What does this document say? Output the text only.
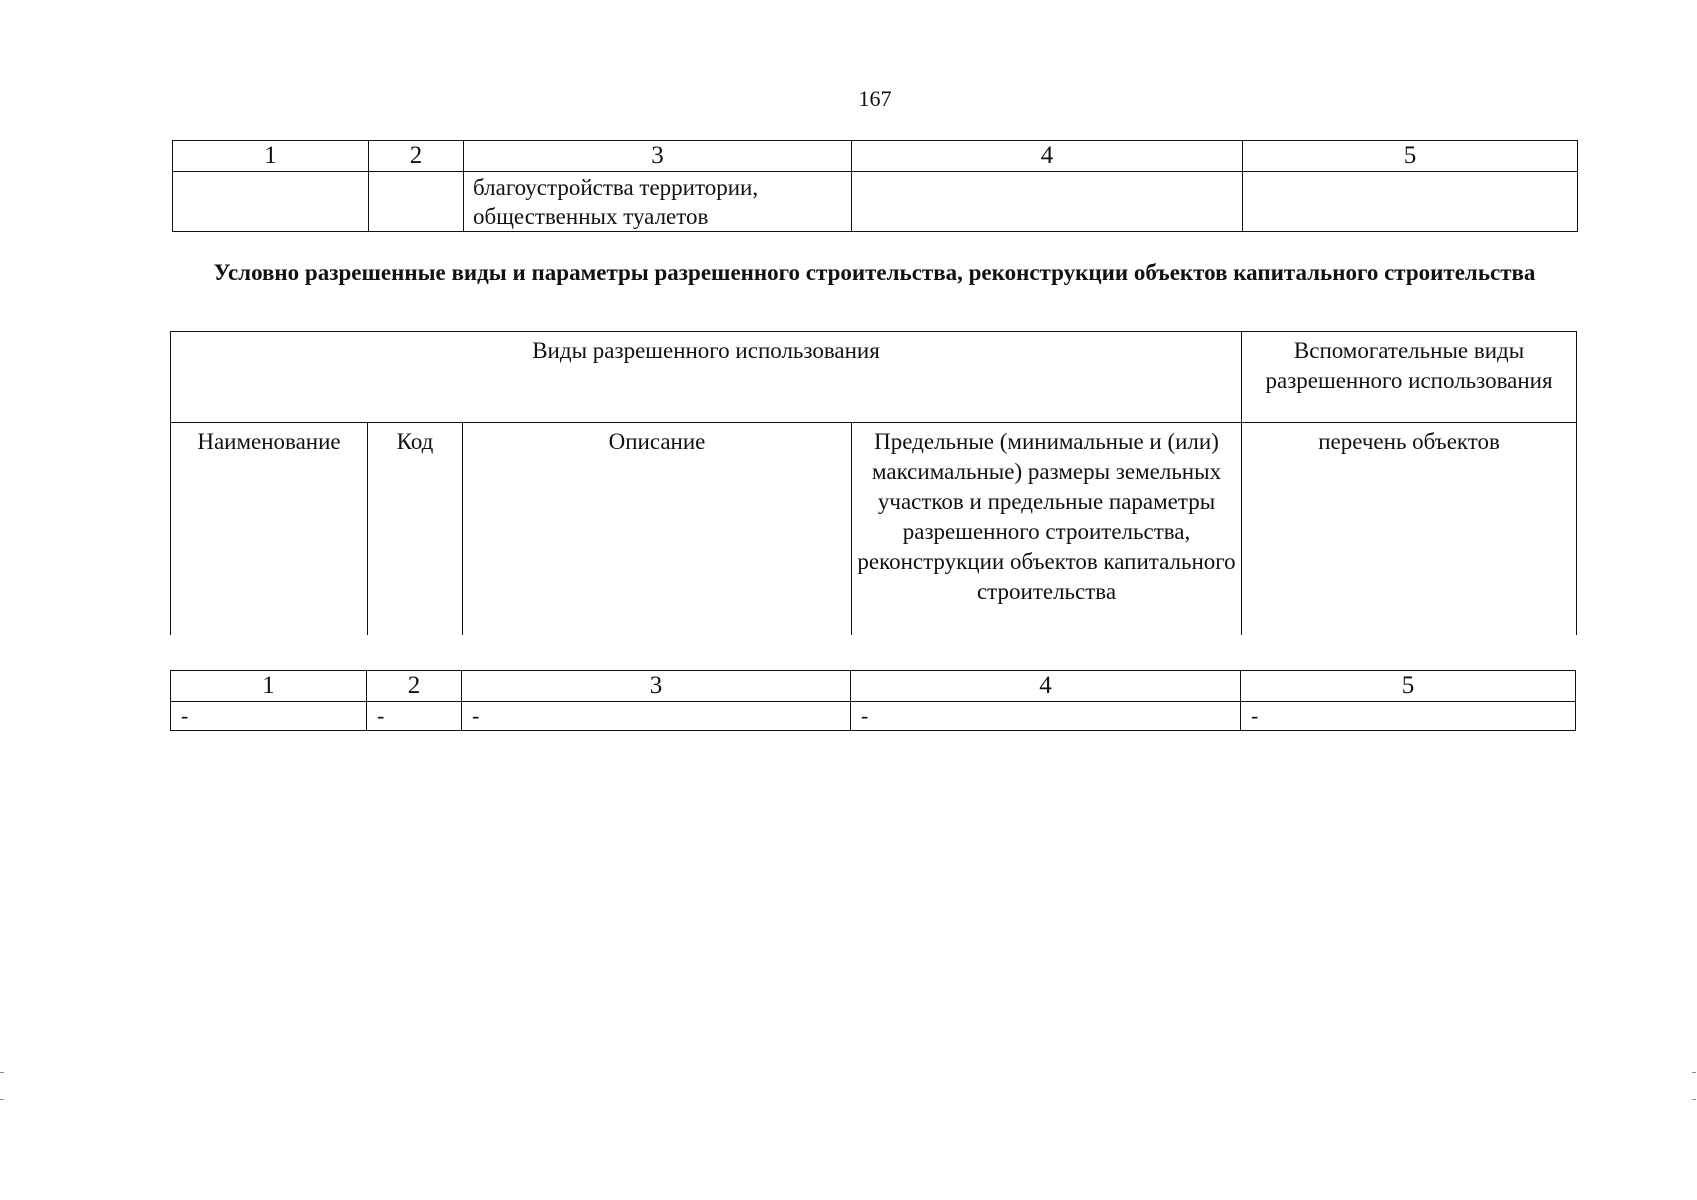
167
1	2	3	4	5
		благоустройства территории, общественных туалетов		
Условно разрешенные виды и параметры разрешенного строительства, реконструкции объектов капитального строительства
Виды разрешенного использования				Вспомогательные виды разрешенного использования
Наименование	Код	Описание	Предельные (минимальные и (или) максимальные) размеры земельных участков и предельные параметры разрешенного строительства, реконструкции объектов капитального строительства	перечень объектов
1	2	3	4	5
-	-	-	-	-
